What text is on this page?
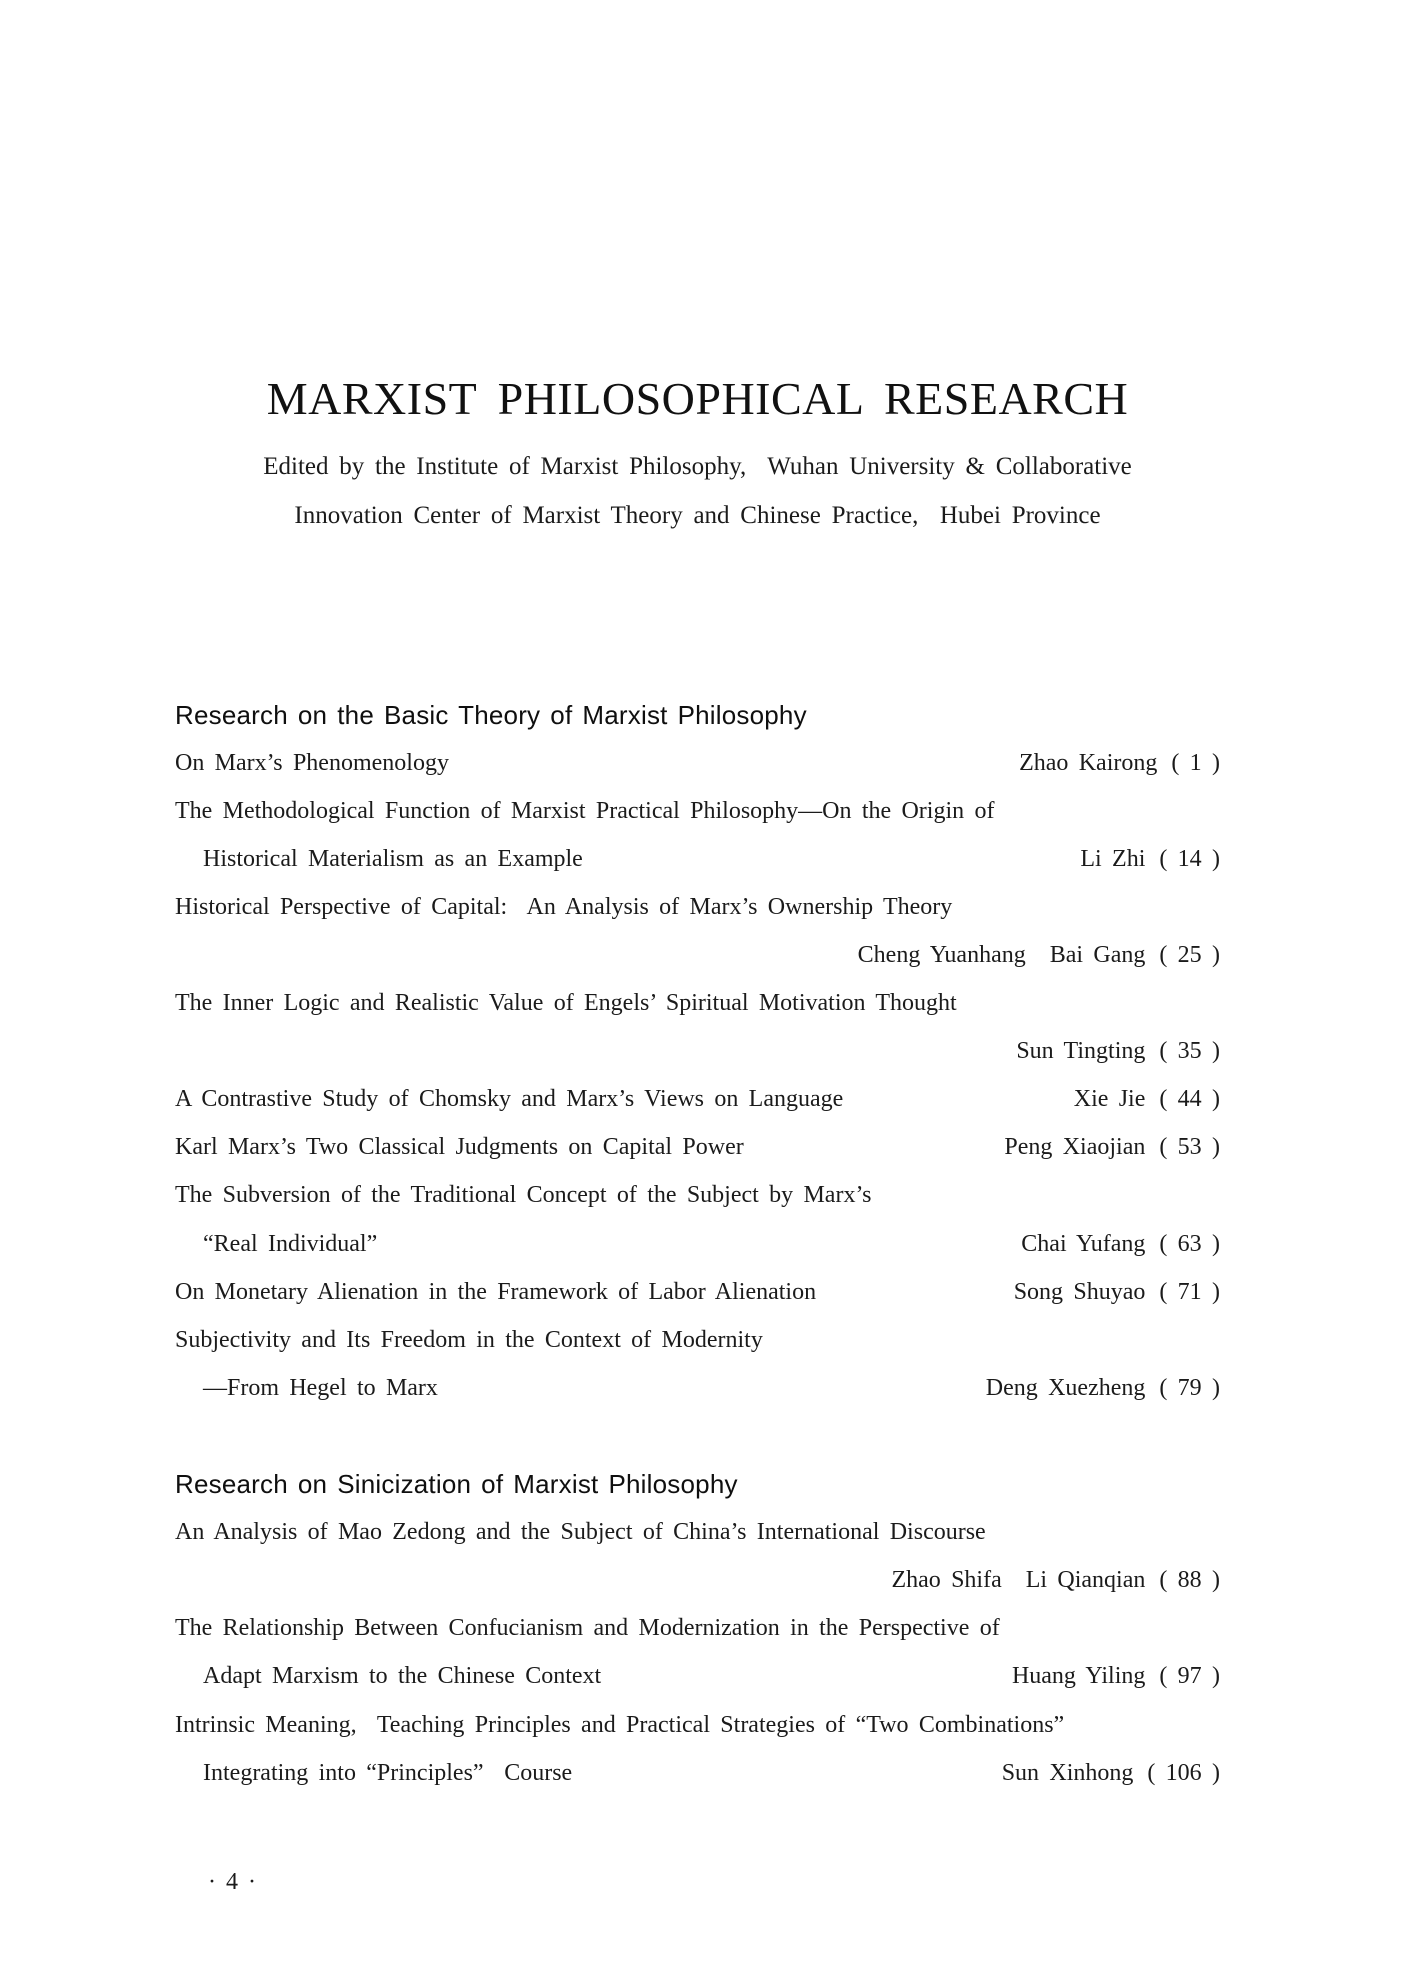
MARXIST PHILOSOPHICAL RESEARCH

Edited by the Institute of Marxist Philosophy,  Wuhan University & Collaborative

Innovation Center of Marxist Theory and Chinese Practice,  Hubei Province

Research on the Basic Theory of Marxist Philosophy
On Marx’s Phenomenology	Zhao Kairong ( 1 )
The Methodological Function of Marxist Practical Philosophy—On the Origin of
Historical Materialism as an Example	Li Zhi ( 14 )
Historical Perspective of Capital:  An Analysis of Marx’s Ownership Theory
Cheng Yuanhang Bai Gang ( 25 )
The Inner Logic and Realistic Value of Engels’ Spiritual Motivation Thought
Sun Tingting ( 35 )
A Contrastive Study of Chomsky and Marx’s Views on Language	Xie Jie ( 44 )
Karl Marx’s Two Classical Judgments on Capital Power	Peng Xiaojian ( 53 )
The Subversion of the Traditional Concept of the Subject by Marx’s
“Real Individual”	Chai Yufang ( 63 )
On Monetary Alienation in the Framework of Labor Alienation	Song Shuyao ( 71 )
Subjectivity and Its Freedom in the Context of Modernity
—From Hegel to Marx	Deng Xuezheng ( 79 )
Research on Sinicization of Marxist Philosophy
An Analysis of Mao Zedong and the Subject of China’s International Discourse
Zhao Shifa Li Qianqian ( 88 )
The Relationship Between Confucianism and Modernization in the Perspective of
Adapt Marxism to the Chinese Context	Huang Yiling ( 97 )
Intrinsic Meaning,  Teaching Principles and Practical Strategies of “Two Combinations”
Integrating into “Principles”  Course	Sun Xinhong ( 106 )

· 4 ·
